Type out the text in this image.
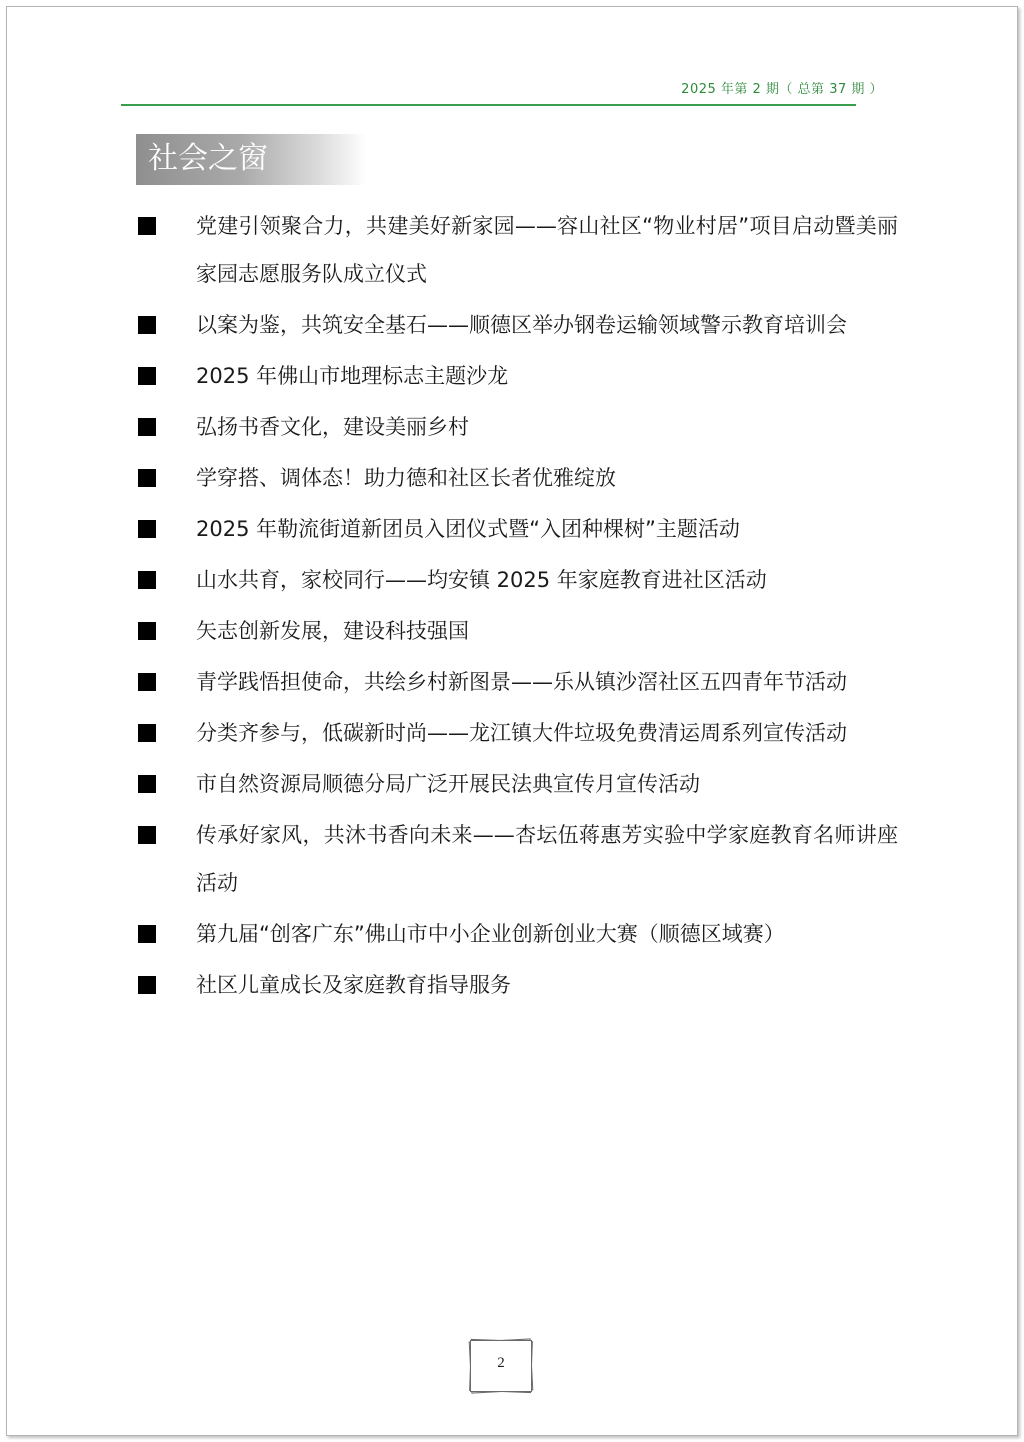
2025 年第 2 期（ 总第 37 期 ）
社会之窗
党建引领聚合力，共建美好新家园——容山社区“物业村居”项目启动暨美丽家园志愿服务队成立仪式
以案为鉴，共筑安全基石——顺德区举办钢卷运输领域警示教育培训会
2025 年佛山市地理标志主题沙龙
弘扬书香文化，建设美丽乡村
学穿搭、调体态！助力德和社区长者优雅绽放
2025 年勒流街道新团员入团仪式暨“入团种棵树”主题活动
山水共育，家校同行——均安镇 2025 年家庭教育进社区活动
矢志创新发展，建设科技强国
青学践悟担使命，共绘乡村新图景——乐从镇沙滘社区五四青年节活动
分类齐参与，低碳新时尚——龙江镇大件垃圾免费清运周系列宣传活动
市自然资源局顺德分局广泛开展民法典宣传月宣传活动
传承好家风，共沐书香向未来——杏坛伍蒋惠芳实验中学家庭教育名师讲座活动
第九届“创客广东”佛山市中小企业创新创业大赛（顺德区域赛）
社区儿童成长及家庭教育指导服务
2
